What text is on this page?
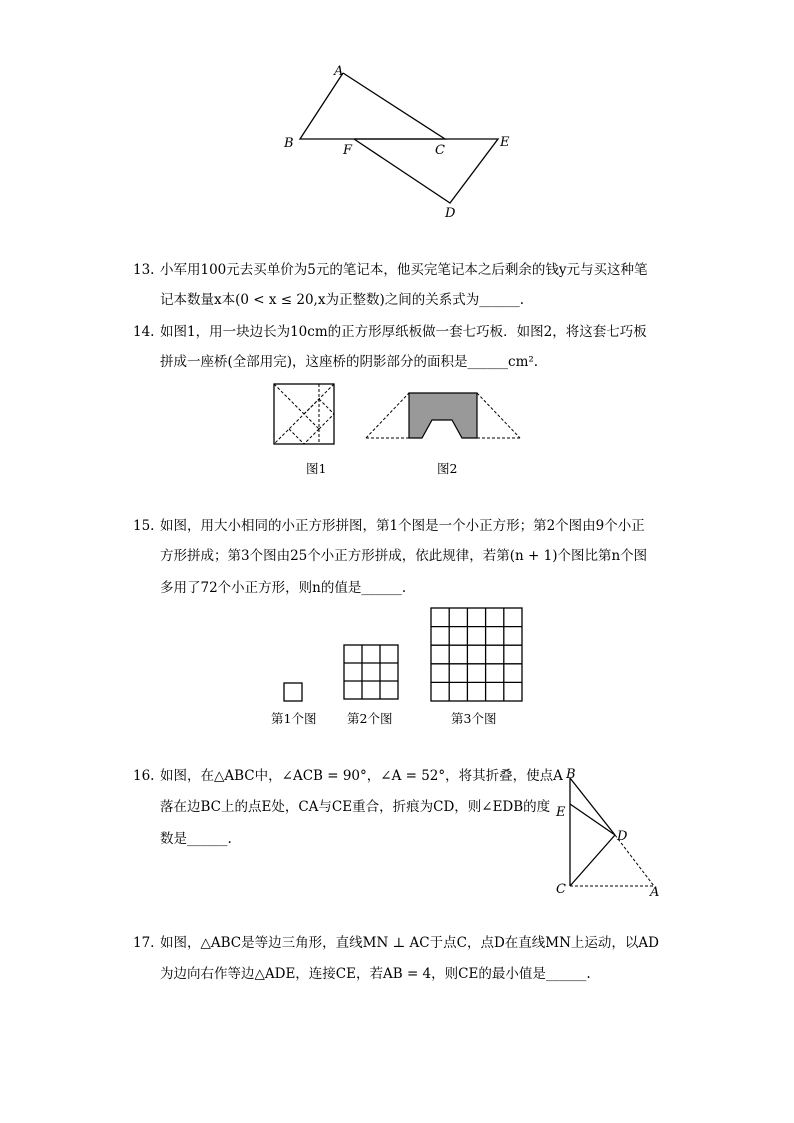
A
B	F	C
E
D
13. 小军用100元去买单价为5元的笔记本，他买完笔记本之后剩余的钱y元与买这种笔
记本数量x本(0 < x ≤ 20,x为正整数)之间的关系式为______.
14. 如图1，用一块边长为10cm的正方形厚纸板做一套七巧板．如图2，将这套七巧板
拼成一座桥(全部用完)，这座桥的阴影部分的面积是______cm².
图1	图2
15. 如图，用大小相同的小正方形拼图，第1个图是一个小正方形；第2个图由9个小正
方形拼成；第3个图由25个小正方形拼成，依此规律，若第(n + 1)个图比第n个图
多用了72个小正方形，则n的值是______.
第1个图 第2个图	第3个图
16. 如图，在△ABC中，∠ACB = 90°，∠A = 52°，将其折叠，使点A
落在边BC上的点E处，CA与CE重合，折痕为CD，则∠EDB的度
数是______.
B
E
D
C	A
17. 如图，△ABC是等边三角形，直线MN ⊥ AC于点C，点D在直线MN上运动，以AD
为边向右作等边△ADE，连接CE，若AB = 4，则CE的最小值是______.
